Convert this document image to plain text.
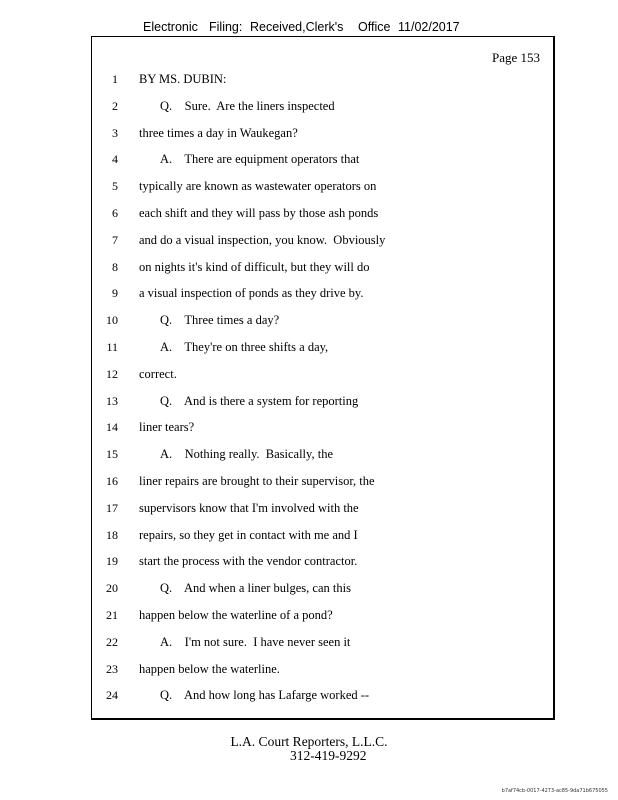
Electronic Filing: Received,Clerk's Office 11/02/2017
Page 153
1 BY MS. DUBIN:
2	Q.    Sure.  Are the liners inspected
3 three times a day in Waukegan?
4	A.    There are equipment operators that
5 typically are known as wastewater operators on
6 each shift and they will pass by those ash ponds
7 and do a visual inspection, you know.  Obviously
8 on nights it's kind of difficult, but they will do
9 a visual inspection of ponds as they drive by.
10	Q.    Three times a day?
11	A.    They're on three shifts a day,
12 correct.
13	Q.    And is there a system for reporting
14 liner tears?
15	A.    Nothing really.  Basically, the
16 liner repairs are brought to their supervisor, the
17 supervisors know that I'm involved with the
18 repairs, so they get in contact with me and I
19 start the process with the vendor contractor.
20	Q.    And when a liner bulges, can this
21 happen below the waterline of a pond?
22	A.    I'm not sure.  I have never seen it
23 happen below the waterline.
24	Q.    And how long has Lafarge worked --
L.A. Court Reporters, L.L.C.
312-419-9292
b7af74cb-0017-4273-ac85-9da71b675055
